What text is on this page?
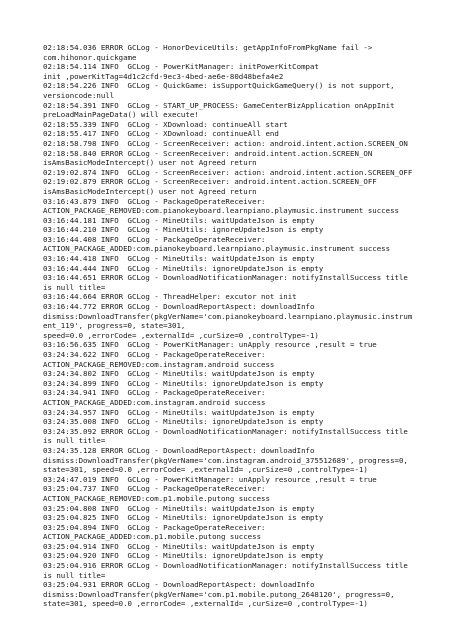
02:18:54.036 ERROR GCLog - HonorDeviceUtils: getAppInfoFromPkgName fail ->
com.hihonor.quickgame
02:18:54.114 INFO  GCLog - PowerKitManager: initPowerKitCompat
init ,powerKitTag=4d1c2cfd-9ec3-4bed-ae6e-80d48befa4e2
02:18:54.226 INFO  GCLog - QuickGame: isSupportQuickGameQuery() is not support,
versioncode:null
02:18:54.391 INFO  GCLog - START_UP_PROCESS: GameCenterBizApplication onAppInit
preLoadMainPageData() will execute!
02:18:55.339 INFO  GCLog - XDownload: continueAll start
02:18:55.417 INFO  GCLog - XDownload: continueAll end
02:18:58.798 INFO  GCLog - ScreenReceiver: action: android.intent.action.SCREEN_ON
02:18:58.840 ERROR GCLog - ScreenReceiver: android.intent.action.SCREEN_ON
isAmsBasicModeIntercept() user not Agreed return
02:19:02.874 INFO  GCLog - ScreenReceiver: action: android.intent.action.SCREEN_OFF
02:19:02.879 ERROR GCLog - ScreenReceiver: android.intent.action.SCREEN_OFF
isAmsBasicModeIntercept() user not Agreed return
03:16:43.879 INFO  GCLog - PackageOperateReceiver:
ACTION_PACKAGE_REMOVED:com.pianokeyboard.learnpiano.playmusic.instrument success
03:16:44.181 INFO  GCLog - MineUtils: waitUpdateJson is empty
03:16:44.210 INFO  GCLog - MineUtils: ignoreUpdateJson is empty
03:16:44.408 INFO  GCLog - PackageOperateReceiver:
ACTION_PACKAGE_ADDED:com.pianokeyboard.learnpiano.playmusic.instrument success
03:16:44.418 INFO  GCLog - MineUtils: waitUpdateJson is empty
03:16:44.444 INFO  GCLog - MineUtils: ignoreUpdateJson is empty
03:16:44.651 ERROR GCLog - DownloadNotificationManager: notifyInstallSuccess title
is null title=
03:16:44.664 ERROR GCLog - ThreadHelper: excutor not init
03:16:44.772 ERROR GCLog - DownloadReportAspect: downloadInfo
dismiss:DownloadTransfer(pkgVerName='com.pianokeyboard.learnpiano.playmusic.instrum
ent_119', progress=0, state=301,
speed=0.0 ,errorCode= ,externalId= ,curSize=0 ,controlType=-1)
03:16:56.635 INFO  GCLog - PowerKitManager: unApply resource ,result = true
03:24:34.622 INFO  GCLog - PackageOperateReceiver:
ACTION_PACKAGE_REMOVED:com.instagram.android success
03:24:34.802 INFO  GCLog - MineUtils: waitUpdateJson is empty
03:24:34.899 INFO  GCLog - MineUtils: ignoreUpdateJson is empty
03:24:34.941 INFO  GCLog - PackageOperateReceiver:
ACTION_PACKAGE_ADDED:com.instagram.android success
03:24:34.957 INFO  GCLog - MineUtils: waitUpdateJson is empty
03:24:35.008 INFO  GCLog - MineUtils: ignoreUpdateJson is empty
03:24:35.092 ERROR GCLog - DownloadNotificationManager: notifyInstallSuccess title
is null title=
03:24:35.128 ERROR GCLog - DownloadReportAspect: downloadInfo
dismiss:DownloadTransfer(pkgVerName='com.instagram.android_375512689', progress=0,
state=301, speed=0.0 ,errorCode= ,externalId= ,curSize=0 ,controlType=-1)
03:24:47.019 INFO  GCLog - PowerKitManager: unApply resource ,result = true
03:25:04.737 INFO  GCLog - PackageOperateReceiver:
ACTION_PACKAGE_REMOVED:com.p1.mobile.putong success
03:25:04.808 INFO  GCLog - MineUtils: waitUpdateJson is empty
03:25:04.825 INFO  GCLog - MineUtils: ignoreUpdateJson is empty
03:25:04.894 INFO  GCLog - PackageOperateReceiver:
ACTION_PACKAGE_ADDED:com.p1.mobile.putong success
03:25:04.914 INFO  GCLog - MineUtils: waitUpdateJson is empty
03:25:04.920 INFO  GCLog - MineUtils: ignoreUpdateJson is empty
03:25:04.916 ERROR GCLog - DownloadNotificationManager: notifyInstallSuccess title
is null title=
03:25:04.931 ERROR GCLog - DownloadReportAspect: downloadInfo
dismiss:DownloadTransfer(pkgVerName='com.p1.mobile.putong_2648120', progress=0,
state=301, speed=0.0 ,errorCode= ,externalId= ,curSize=0 ,controlType=-1)
